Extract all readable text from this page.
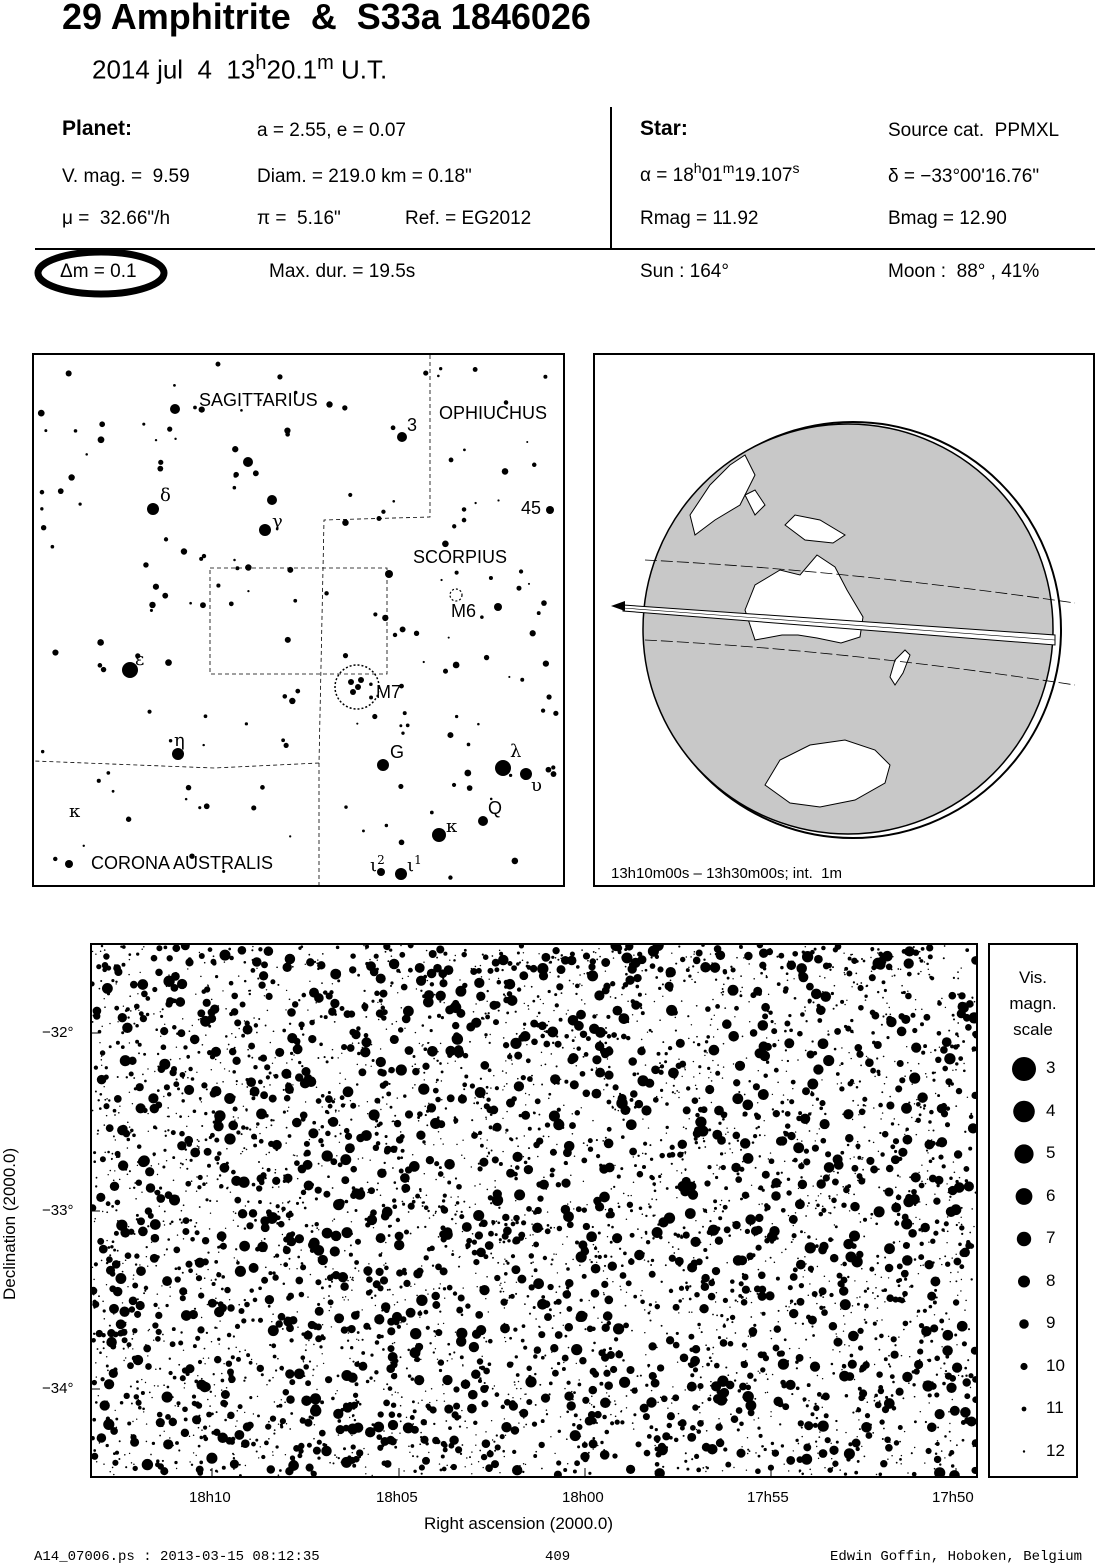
29 Amphitrite  &  S33a 1846026
2014 jul  4  13$^h$20.1$^m$ U.T.
Planet:	a = 2.55, e = 0.07
V. mag. =  9.59	Diam. = 219.0 km = 0.18"
μ =  32.66"/h	π =  5.16"	Ref. = EG2012
Star:	Source cat.  PPMXL
$\alpha = 18^h01^m19.107^s$	δ = −33°00'16.76"
Rmag = 11.92	Bmag = 12.90
Δm = 0.1	Max. dur. = 19.5s	Sun : 164°	Moon :  88° , 41%
SAGITTARIUS
OPHIUCHUS
SCORPIUS
CORONA AUSTRALIS
3
45
M6
M7
G
Q
δ
γ
ε
η
κ
λ
υ
κ
$\iota^2$ $\iota^1$
13h10m00s – 13h30m00s; int.  1m
−32°
−33°
−34°
18h10	18h05	18h00	17h55	17h50
Right ascension (2000.0)
Declination (2000.0)
Vis.
magn.
scale
3
4
5
6
7
8
9
10
11
12
A14_07006.ps : 2013-03-15 08:12:35	409	Edwin Goffin, Hoboken, Belgium
